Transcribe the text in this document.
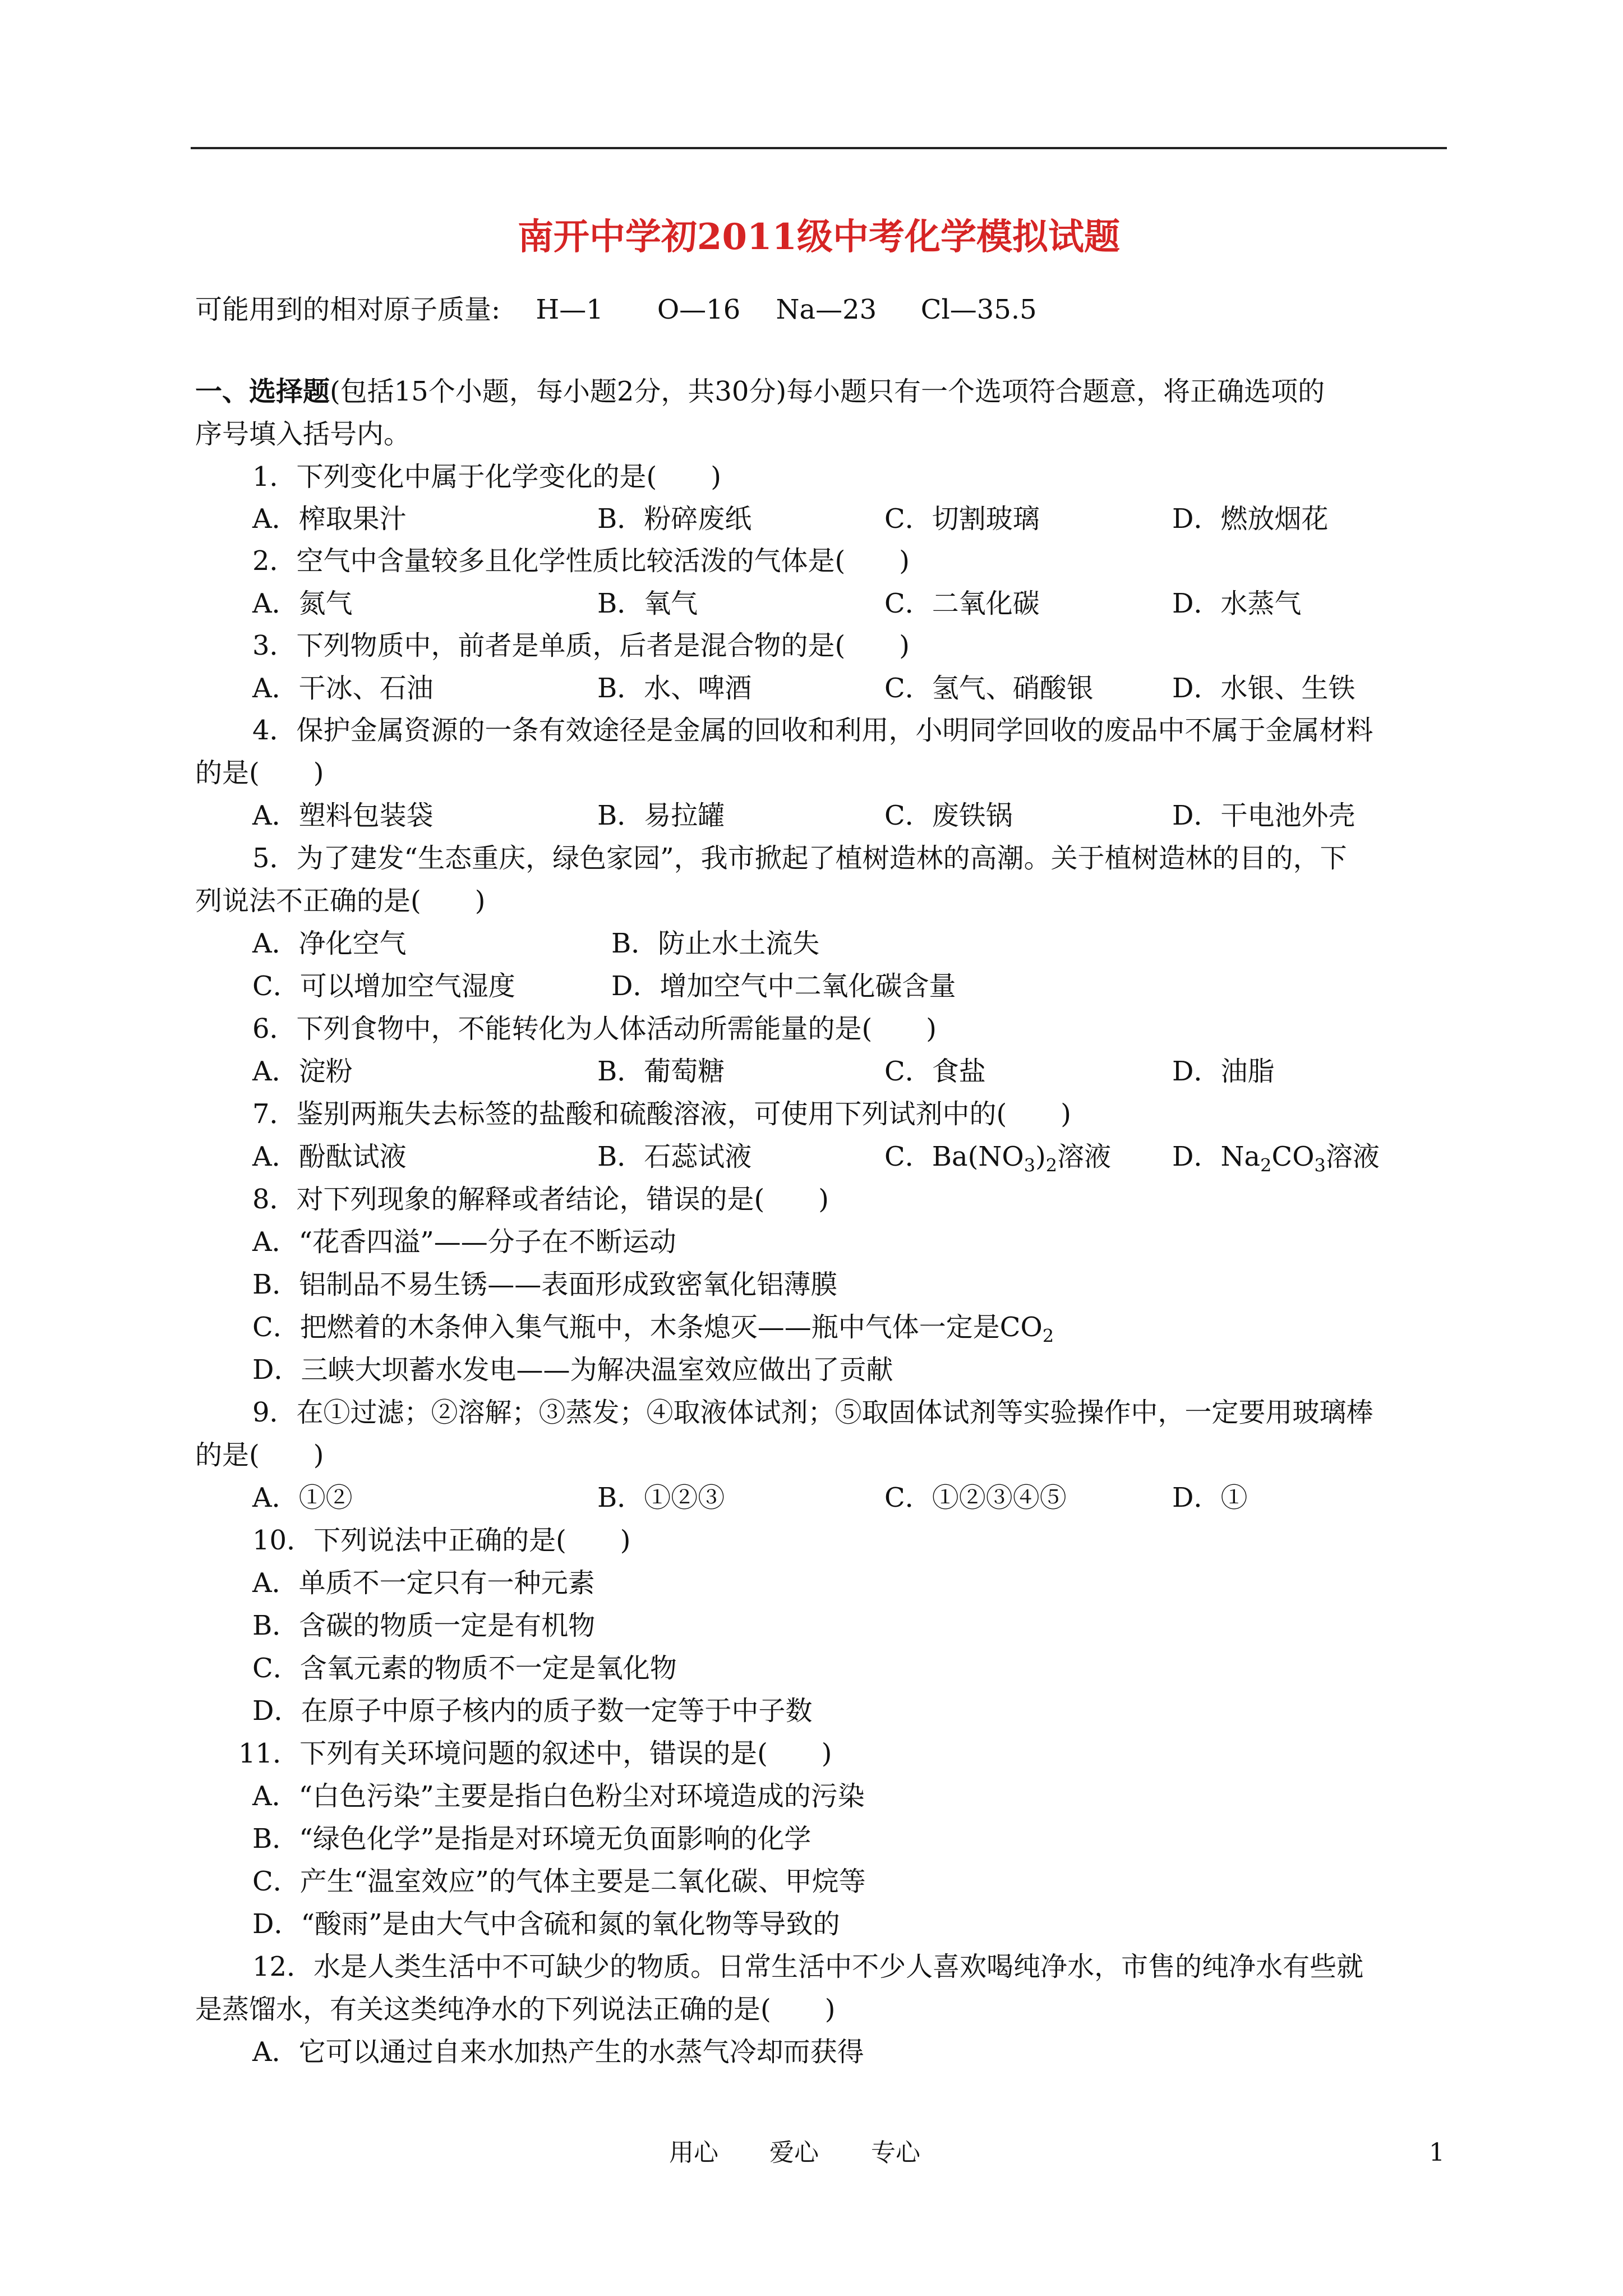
南开中学初2011级中考化学模拟试题
可能用到的相对原子质量:　 H—1　　O—16　 Na—23 　 Cl—35.5
一、选择题(包括15个小题，每小题2分，共30分)每小题只有一个选项符合题意，将正确选项的
序号填入括号内。
1．下列变化中属于化学变化的是(　　)
A．榨取果汁	B．粉碎废纸	C．切割玻璃	D．燃放烟花
2．空气中含量较多且化学性质比较活泼的气体是(　　)
A．氮气	B．氧气	C．二氧化碳	D．水蒸气
3．下列物质中，前者是单质，后者是混合物的是(　　)
A．干冰、石油	B．水、啤酒	C．氢气、硝酸银	D．水银、生铁
4．保护金属资源的一条有效途径是金属的回收和利用，小明同学回收的废品中不属于金属材料
的是(　　)
A．塑料包装袋	B．易拉罐	C．废铁锅	D．干电池外壳
5．为了建发“生态重庆，绿色家园”，我市掀起了植树造林的高潮。关于植树造林的目的，下
列说法不正确的是(　　)
A．净化空气	B．防止水土流失
C．可以增加空气湿度	D．增加空气中二氧化碳含量
6．下列食物中，不能转化为人体活动所需能量的是(　　)
A．淀粉	B．葡萄糖	C．食盐	D．油脂
7．鉴别两瓶失去标签的盐酸和硫酸溶液，可使用下列试剂中的(　　)
A．酚酞试液	B．石蕊试液	C．$Ba(NO_3)_2$溶液 D．$Na_2CO_3$溶液
8．对下列现象的解释或者结论，错误的是(　　)
A．“花香四溢”——分子在不断运动
B．铝制品不易生锈——表面形成致密氧化铝薄膜
C．把燃着的木条伸入集气瓶中，木条熄灭——瓶中气体一定是$CO_2$
D．三峡大坝蓄水发电——为解决温室效应做出了贡献
9．在①过滤；②溶解；③蒸发；④取液体试剂；⑤取固体试剂等实验操作中，一定要用玻璃棒
的是(　　)
A．①②	B．①②③	C．①②③④⑤	D．①
10．下列说法中正确的是(　　)
A．单质不一定只有一种元素
B．含碳的物质一定是有机物
C．含氧元素的物质不一定是氧化物
D．在原子中原子核内的质子数一定等于中子数
11．下列有关环境问题的叙述中，错误的是(　　)
A．“白色污染”主要是指白色粉尘对环境造成的污染
B．“绿色化学”是指是对环境无负面影响的化学
C．产生“温室效应”的气体主要是二氧化碳、甲烷等
D．“酸雨”是由大气中含硫和氮的氧化物等导致的
12．水是人类生活中不可缺少的物质。日常生活中不少人喜欢喝纯净水，市售的纯净水有些就
是蒸馏水，有关这类纯净水的下列说法正确的是(　　)
A．它可以通过自来水加热产生的水蒸气冷却而获得
用心 爱心 专心	1
